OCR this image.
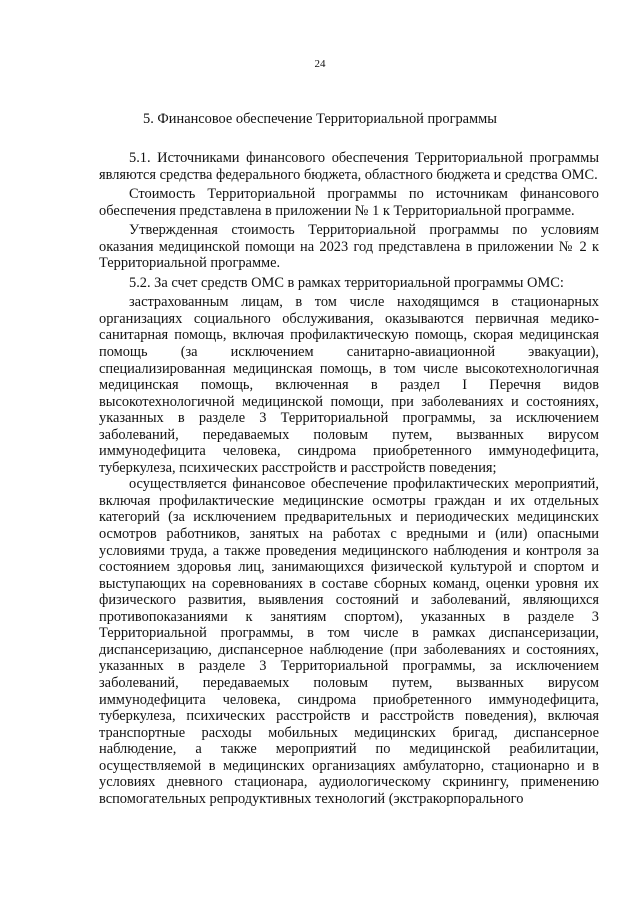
24
5. Финансовое обеспечение Территориальной программы

5.1. Источниками финансового обеспечения Территориальной программы являются средства федерального бюджета, областного бюджета и средства ОМС.

Стоимость Территориальной программы по источникам финансового обеспечения представлена в приложении № 1 к Территориальной программе.

Утвержденная стоимость Территориальной программы по условиям оказания медицинской помощи на 2023 год представлена в приложении № 2 к Территориальной программе.

5.2. За счет средств ОМС в рамках территориальной программы ОМС:

застрахованным лицам, в том числе находящимся в стационарных организациях социального обслуживания, оказываются первичная медико-санитарная помощь, включая профилактическую помощь, скорая медицинская помощь (за исключением санитарно-авиационной эвакуации), специализированная медицинская помощь, в том числе высокотехнологичная медицинская помощь, включенная в раздел I Перечня видов высокотехнологичной медицинской помощи, при заболеваниях и состояниях, указанных в разделе 3 Территориальной программы, за исключением заболеваний, передаваемых половым путем, вызванных вирусом иммунодефицита человека, синдрома приобретенного иммунодефицита, туберкулеза, психических расстройств и расстройств поведения;

осуществляется финансовое обеспечение профилактических мероприятий, включая профилактические медицинские осмотры граждан и их отдельных категорий (за исключением предварительных и периодических медицинских осмотров работников, занятых на работах с вредными и (или) опасными условиями труда, а также проведения медицинского наблюдения и контроля за состоянием здоровья лиц, занимающихся физической культурой и спортом и выступающих на соревнованиях в составе сборных команд, оценки уровня их физического развития, выявления состояний и заболеваний, являющихся противопоказаниями к занятиям спортом), указанных в разделе 3 Территориальной программы, в том числе в рамках диспансеризации, диспансеризацию, диспансерное наблюдение (при заболеваниях и состояниях, указанных в разделе 3 Территориальной программы, за исключением заболеваний, передаваемых половым путем, вызванных вирусом иммунодефицита человека, синдрома приобретенного иммунодефицита, туберкулеза, психических расстройств и расстройств поведения), включая транспортные расходы мобильных медицинских бригад, диспансерное наблюдение, а также мероприятий по медицинской реабилитации, осуществляемой в медицинских организациях амбулаторно, стационарно и в условиях дневного стационара, аудиологическому скринингу, применению вспомогательных репродуктивных технологий (экстракорпорального
